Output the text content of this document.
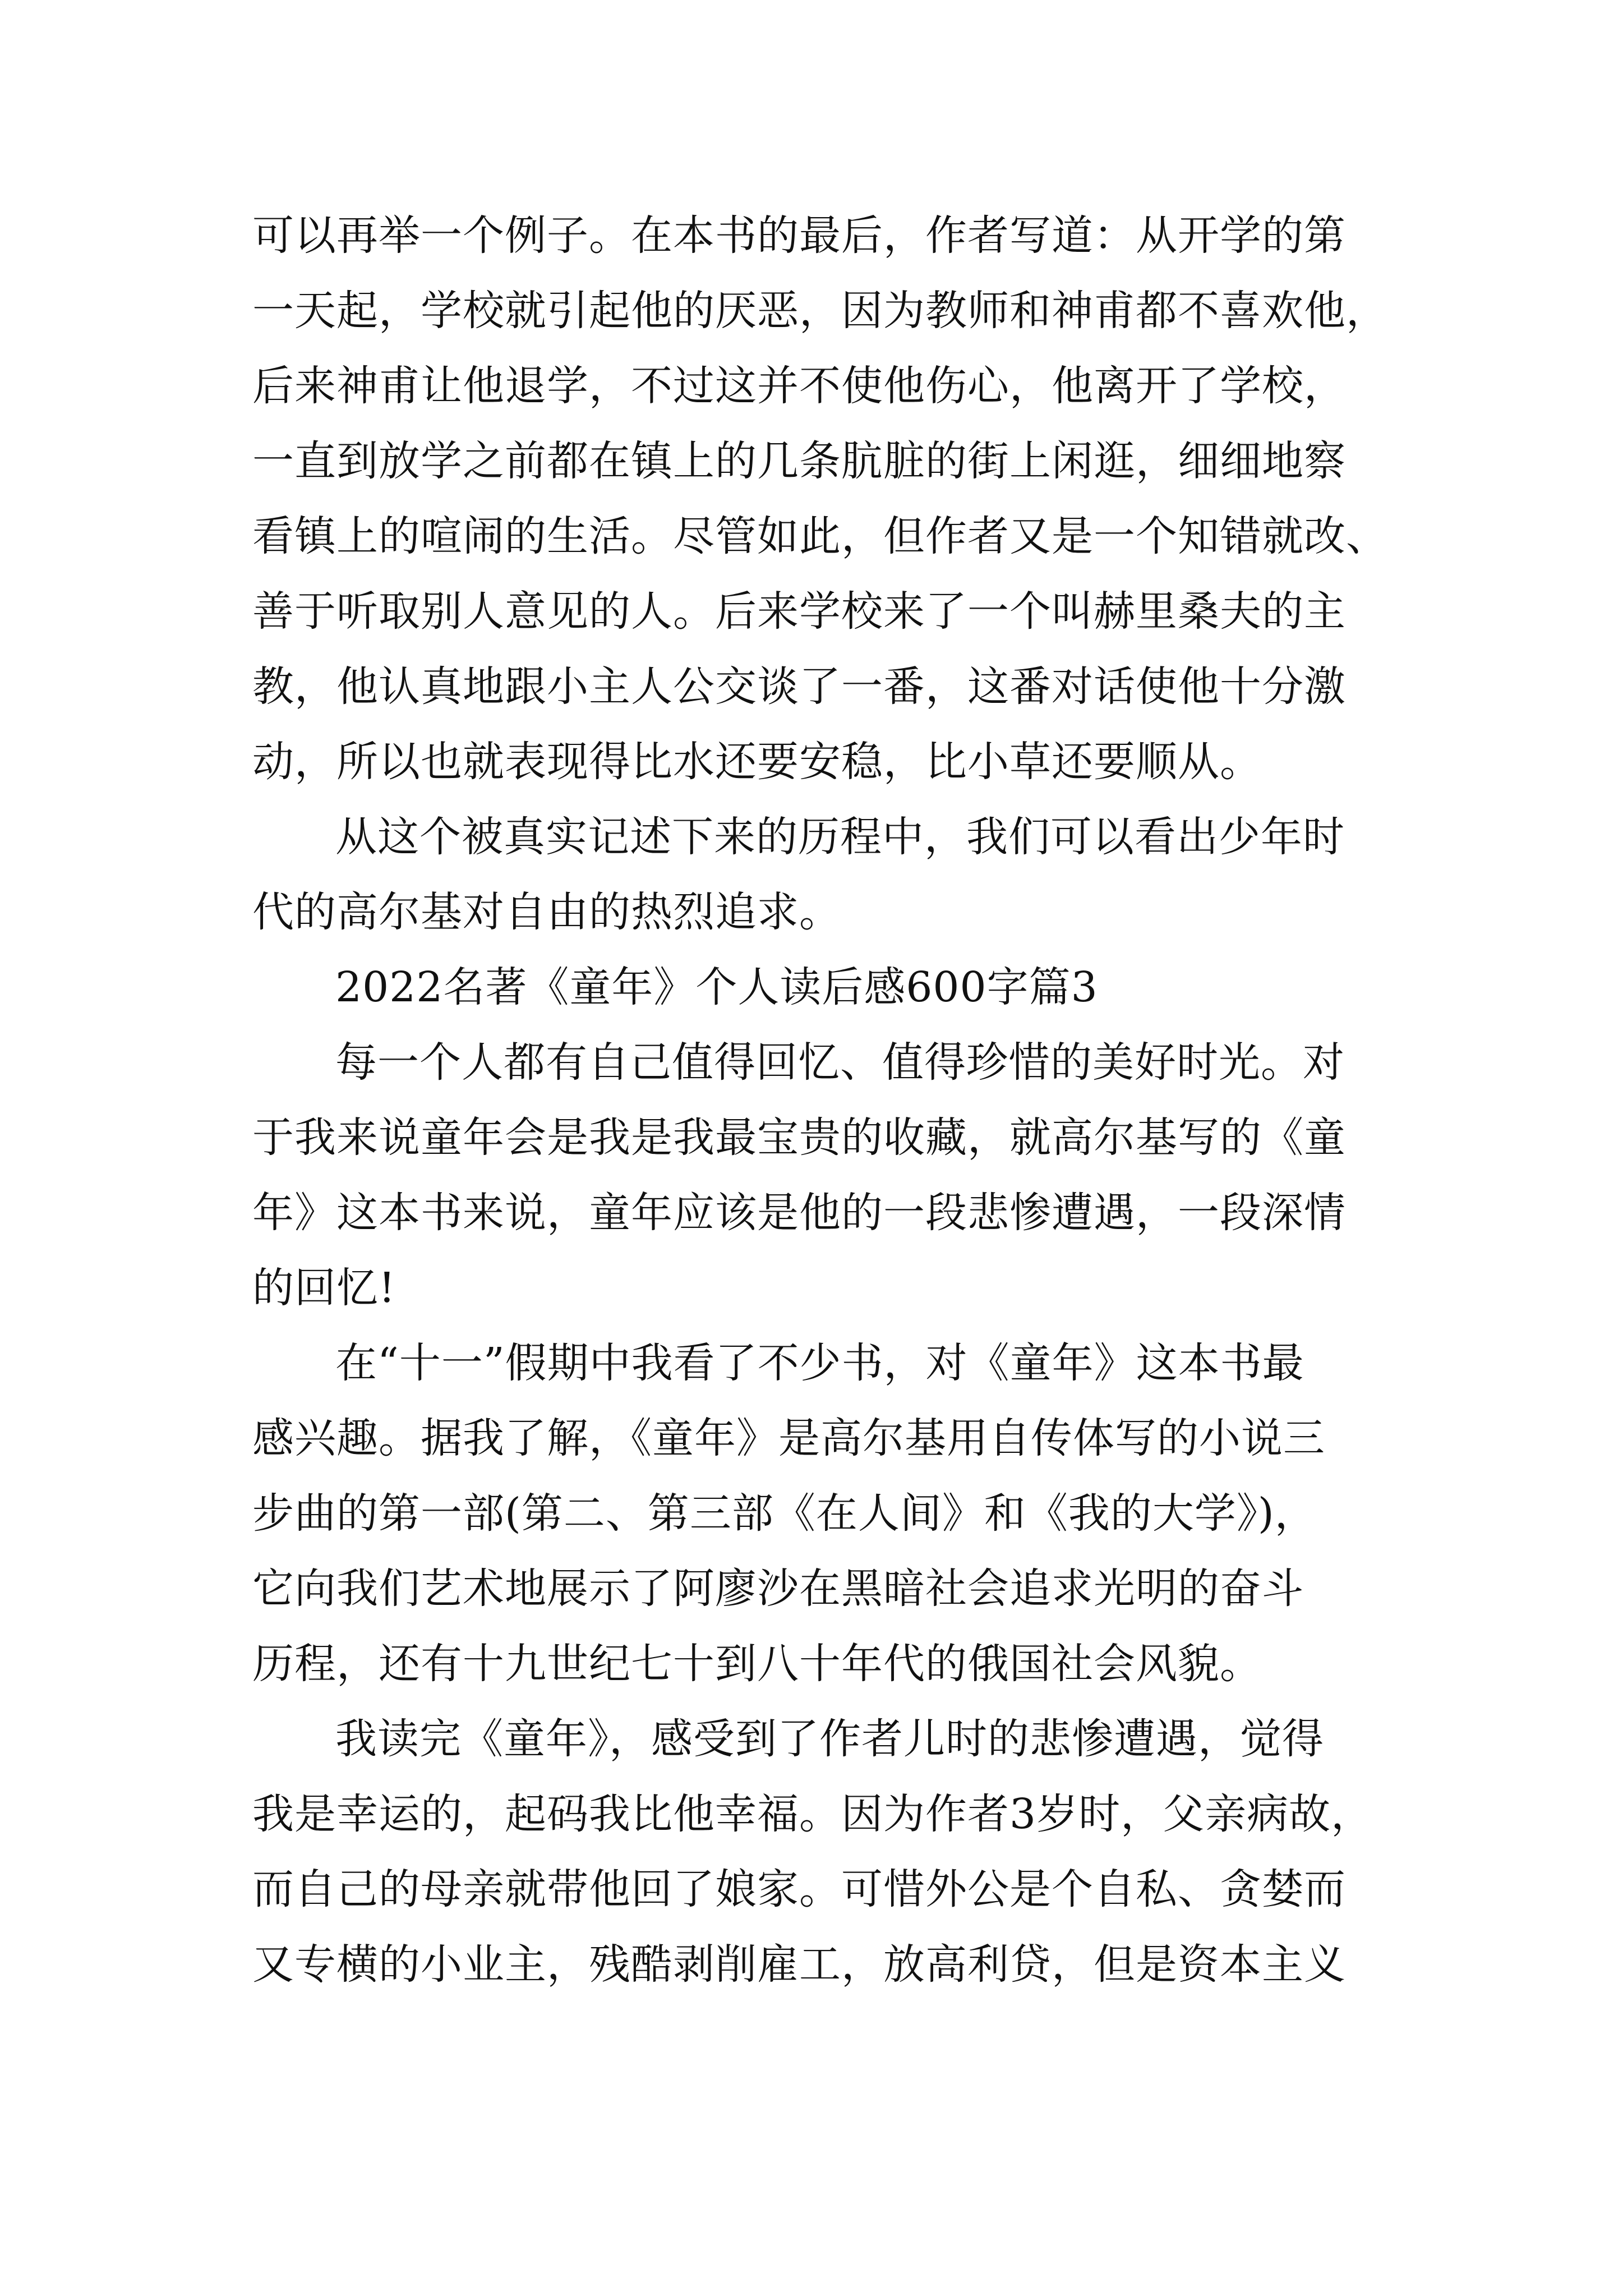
可以再举一个例子。在本书的最后，作者写道：从开学的第
一天起，学校就引起他的厌恶，因为教师和神甫都不喜欢他，
后来神甫让他退学，不过这并不使他伤心，他离开了学校，
一直到放学之前都在镇上的几条肮脏的街上闲逛，细细地察
看镇上的喧闹的生活。尽管如此，但作者又是一个知错就改、
善于听取别人意见的人。后来学校来了一个叫赫里桑夫的主
教，他认真地跟小主人公交谈了一番，这番对话使他十分激
动，所以也就表现得比水还要安稳，比小草还要顺从。
从这个被真实记述下来的历程中，我们可以看出少年时
代的高尔基对自由的热烈追求。
2022名著《童年》个人读后感600字篇3
每一个人都有自己值得回忆、值得珍惜的美好时光。对
于我来说童年会是我是我最宝贵的收藏，就高尔基写的《童
年》这本书来说，童年应该是他的一段悲惨遭遇，一段深情
的回忆!
在“十一”假期中我看了不少书，对《童年》这本书最
感兴趣。据我了解，《童年》是高尔基用自传体写的小说三
步曲的第一部(第二、第三部《在人间》和《我的大学》)，
它向我们艺术地展示了阿廖沙在黑暗社会追求光明的奋斗
历程，还有十九世纪七十到八十年代的俄国社会风貌。
我读完《童年》，感受到了作者儿时的悲惨遭遇，觉得
我是幸运的，起码我比他幸福。因为作者3岁时，父亲病故，
而自己的母亲就带他回了娘家。可惜外公是个自私、贪婪而
又专横的小业主，残酷剥削雇工，放高利贷，但是资本主义
